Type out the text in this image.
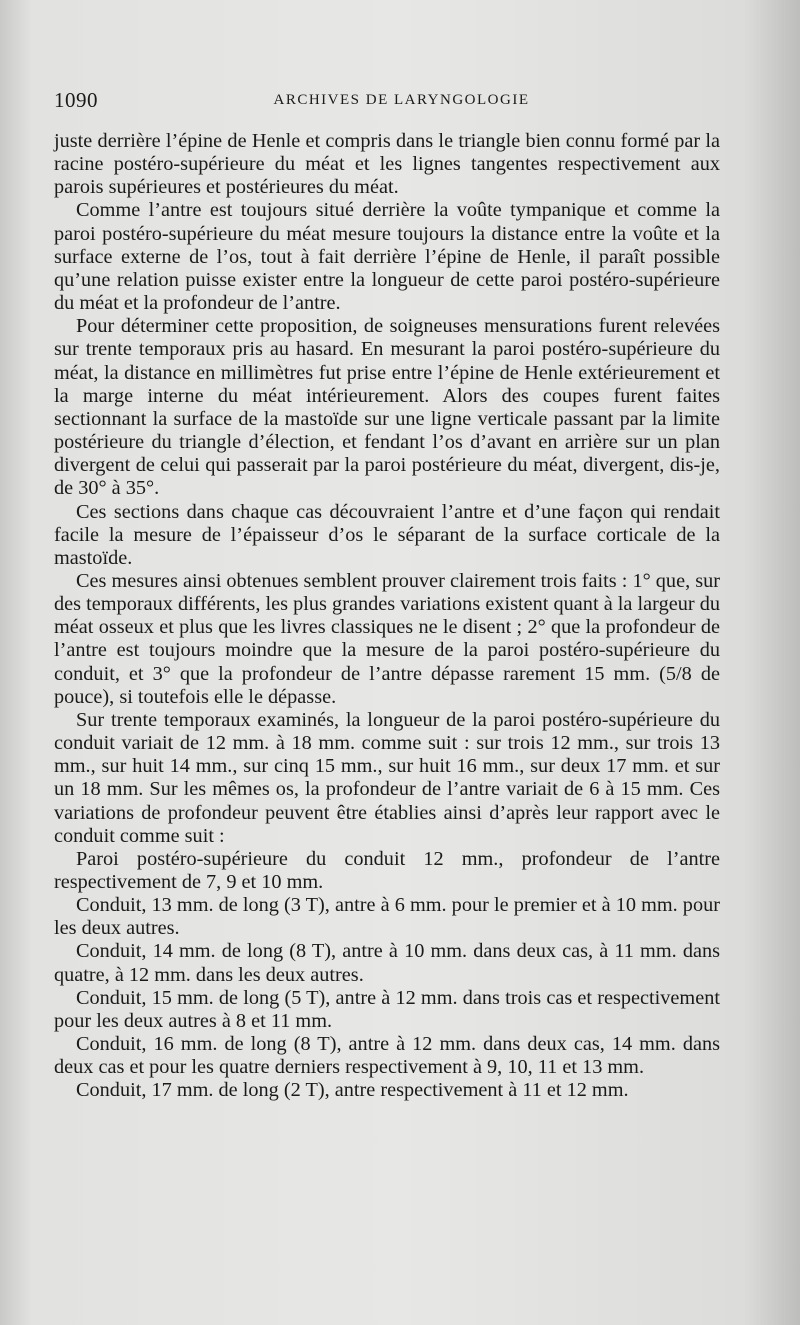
1090	ARCHIVES DE LARYNGOLOGIE

juste derrière l’épine de Henle et compris dans le triangle bien connu formé par la racine postéro-supérieure du méat et les lignes tangentes respectivement aux parois supérieures et postérieures du méat.

Comme l’antre est toujours situé derrière la voûte tympanique et comme la paroi postéro-supérieure du méat mesure toujours la distance entre la voûte et la surface externe de l’os, tout à fait derrière l’épine de Henle, il paraît possible qu’une relation puisse exister entre la longueur de cette paroi postéro-supérieure du méat et la profondeur de l’antre.

Pour déterminer cette proposition, de soigneuses mensurations furent relevées sur trente temporaux pris au hasard. En mesurant la paroi postéro-supérieure du méat, la distance en millimètres fut prise entre l’épine de Henle extérieurement et la marge interne du méat intérieurement. Alors des coupes furent faites sectionnant la surface de la mastoïde sur une ligne verticale passant par la limite postérieure du triangle d’élection, et fendant l’os d’avant en arrière sur un plan divergent de celui qui passerait par la paroi postérieure du méat, divergent, dis-je, de 30° à 35°.

Ces sections dans chaque cas découvraient l’antre et d’une façon qui rendait facile la mesure de l’épaisseur d’os le séparant de la surface corticale de la mastoïde.

Ces mesures ainsi obtenues semblent prouver clairement trois faits : 1° que, sur des temporaux différents, les plus grandes variations existent quant à la largeur du méat osseux et plus que les livres classiques ne le disent ; 2° que la profondeur de l’antre est toujours moindre que la mesure de la paroi postéro-supérieure du conduit, et 3° que la profondeur de l’antre dépasse rarement 15 mm. (5/8 de pouce), si toutefois elle le dépasse.

Sur trente temporaux examinés, la longueur de la paroi postéro-supérieure du conduit variait de 12 mm. à 18 mm. comme suit : sur trois 12 mm., sur trois 13 mm., sur huit 14 mm., sur cinq 15 mm., sur huit 16 mm., sur deux 17 mm. et sur un 18 mm. Sur les mêmes os, la profondeur de l’antre variait de 6 à 15 mm. Ces variations de profondeur peuvent être établies ainsi d’après leur rapport avec le conduit comme suit :

Paroi postéro-supérieure du conduit 12 mm., profondeur de l’antre respectivement de 7, 9 et 10 mm.

Conduit, 13 mm. de long (3 T), antre à 6 mm. pour le premier et à 10 mm. pour les deux autres.

Conduit, 14 mm. de long (8 T), antre à 10 mm. dans deux cas, à 11 mm. dans quatre, à 12 mm. dans les deux autres.

Conduit, 15 mm. de long (5 T), antre à 12 mm. dans trois cas et respectivement pour les deux autres à 8 et 11 mm.

Conduit, 16 mm. de long (8 T), antre à 12 mm. dans deux cas, 14 mm. dans deux cas et pour les quatre derniers respectivement à 9, 10, 11 et 13 mm.

Conduit, 17 mm. de long (2 T), antre respectivement à 11 et 12 mm.
